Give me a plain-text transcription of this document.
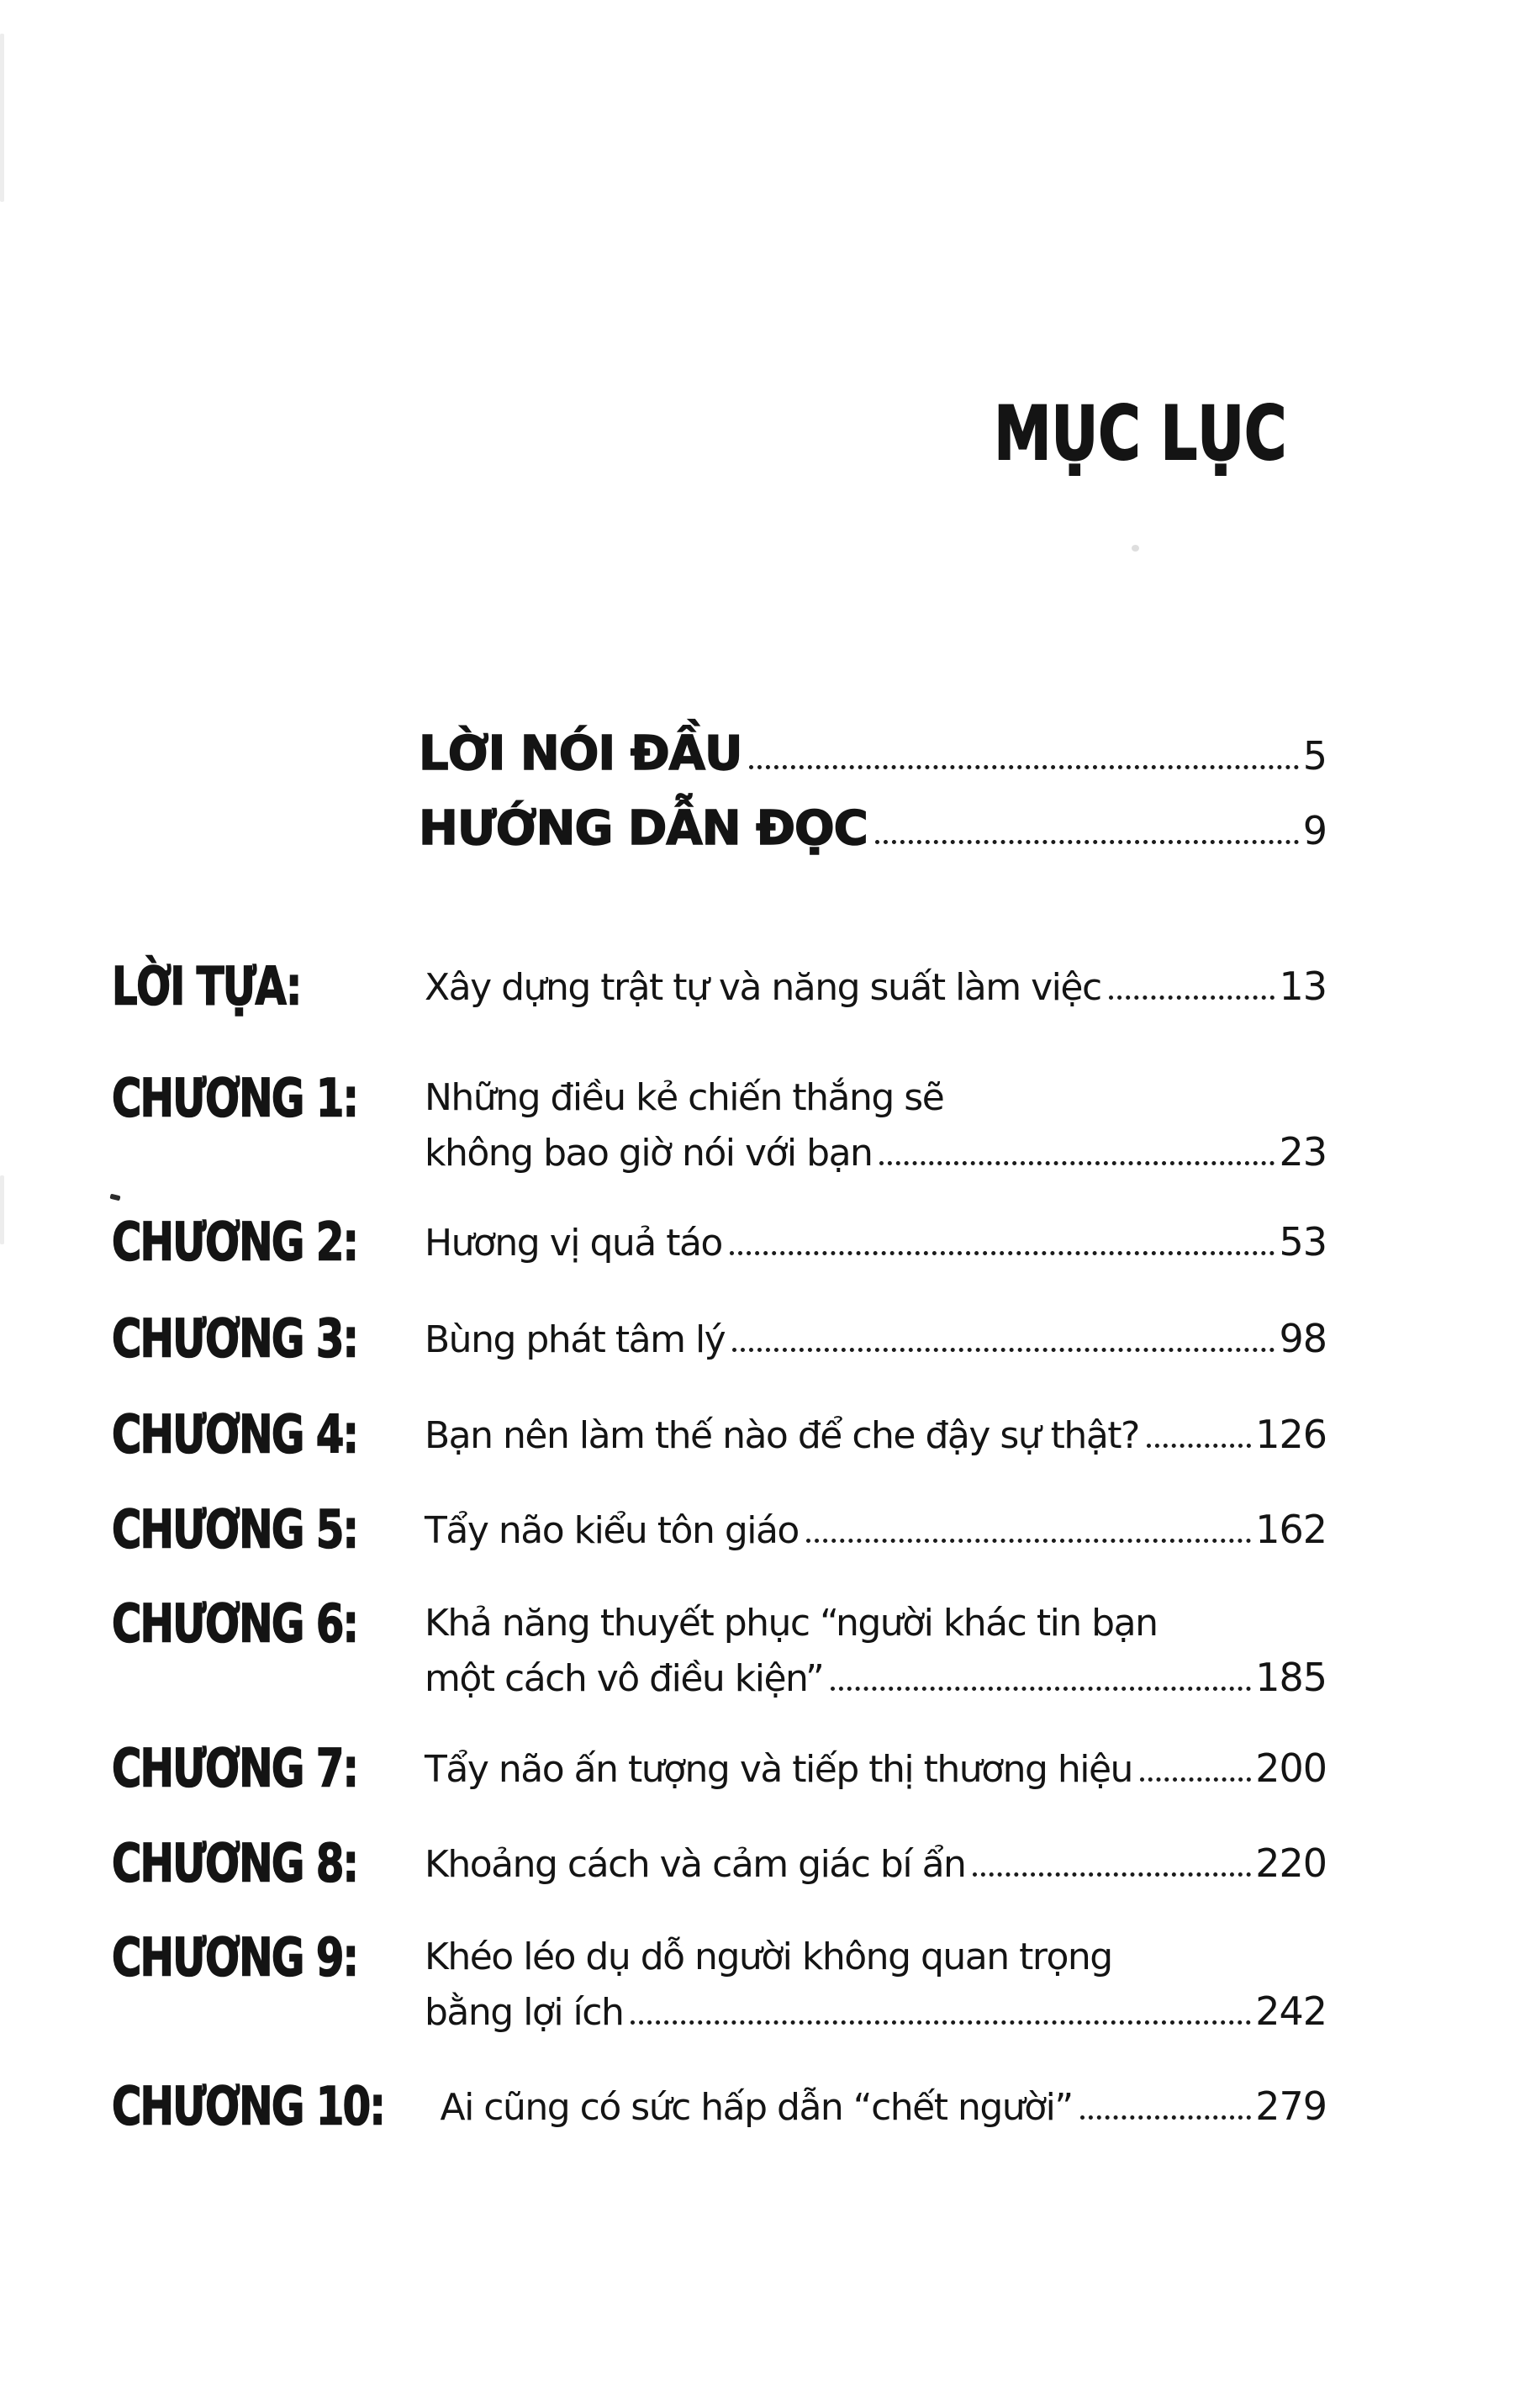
MỤC LỤC
LỜI NÓI ĐẦU	5
HƯỚNG DẪN ĐỌC	9
LỜI TỰA:	Xây dựng trật tự và năng suất làm việc	13
CHƯƠNG 1:	Những điều kẻ chiến thắng sẽ
không bao giờ nói với bạn	23
CHƯƠNG 2:	Hương vị quả táo	53
CHƯƠNG 3:	Bùng phát tâm lý	98
CHƯƠNG 4:	Bạn nên làm thế nào để che đậy sự thật?	126
CHƯƠNG 5:	Tẩy não kiểu tôn giáo	162
CHƯƠNG 6:	Khả năng thuyết phục “người khác tin bạn
một cách vô điều kiện”	185
CHƯƠNG 7:	Tẩy não ấn tượng và tiếp thị thương hiệu	200
CHƯƠNG 8:	Khoảng cách và cảm giác bí ẩn	220
CHƯƠNG 9:	Khéo léo dụ dỗ người không quan trọng
bằng lợi ích	242
CHƯƠNG 10: Ai cũng có sức hấp dẫn “chết người”	279
